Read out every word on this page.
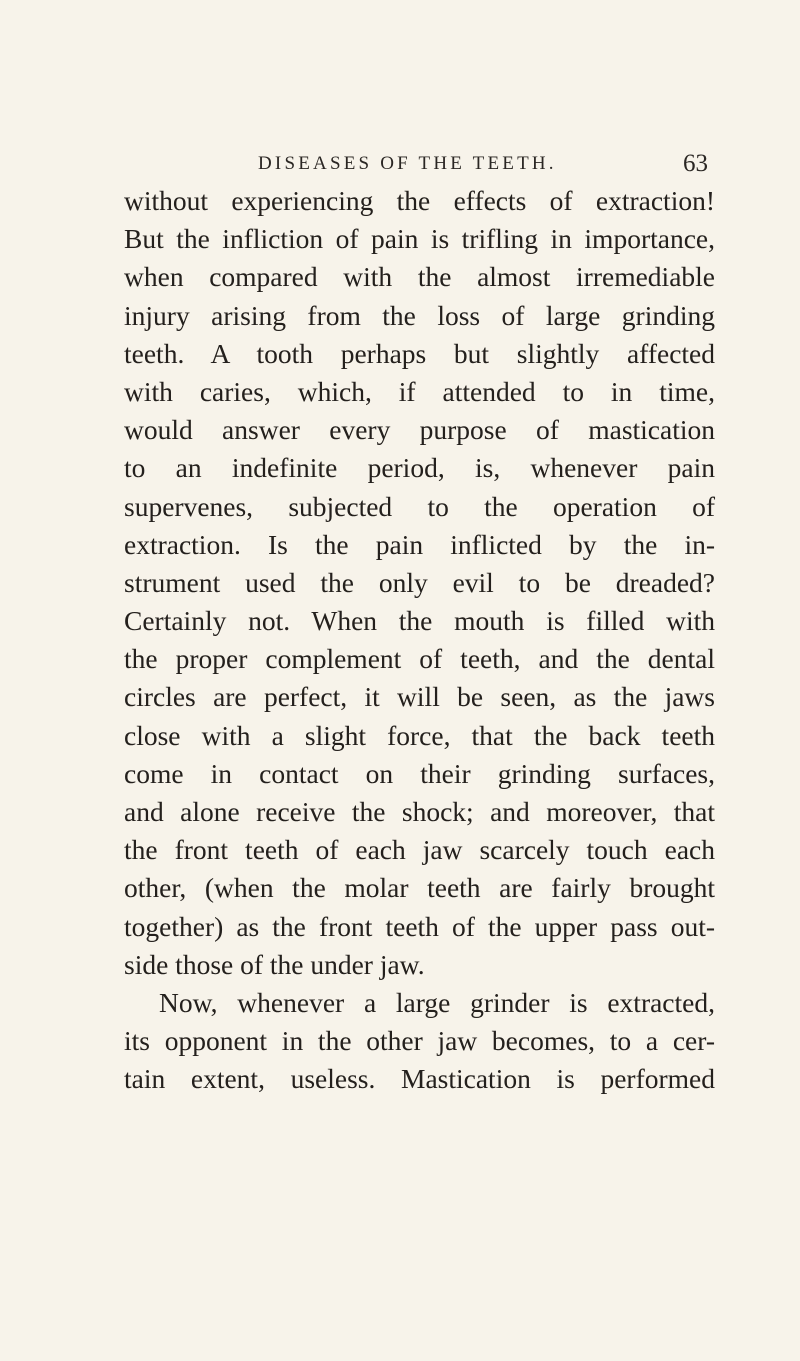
DISEASES OF THE TEETH.	63
without experiencing the effects of extraction!
But the infliction of pain is trifling in importance,
when compared with the almost irremediable
injury arising from the loss of large grinding
teeth. A tooth perhaps but slightly affected
with caries, which, if attended to in time,
would answer every purpose of mastication
to an indefinite period, is, whenever pain
supervenes, subjected to the operation of
extraction. Is the pain inflicted by the in-
strument used the only evil to be dreaded?
Certainly not. When the mouth is filled with
the proper complement of teeth, and the dental
circles are perfect, it will be seen, as the jaws
close with a slight force, that the back teeth
come in contact on their grinding surfaces,
and alone receive the shock; and moreover, that
the front teeth of each jaw scarcely touch each
other, (when the molar teeth are fairly brought
together) as the front teeth of the upper pass out-
side those of the under jaw.
Now, whenever a large grinder is extracted,
its opponent in the other jaw becomes, to a cer-
tain extent, useless. Mastication is performed
